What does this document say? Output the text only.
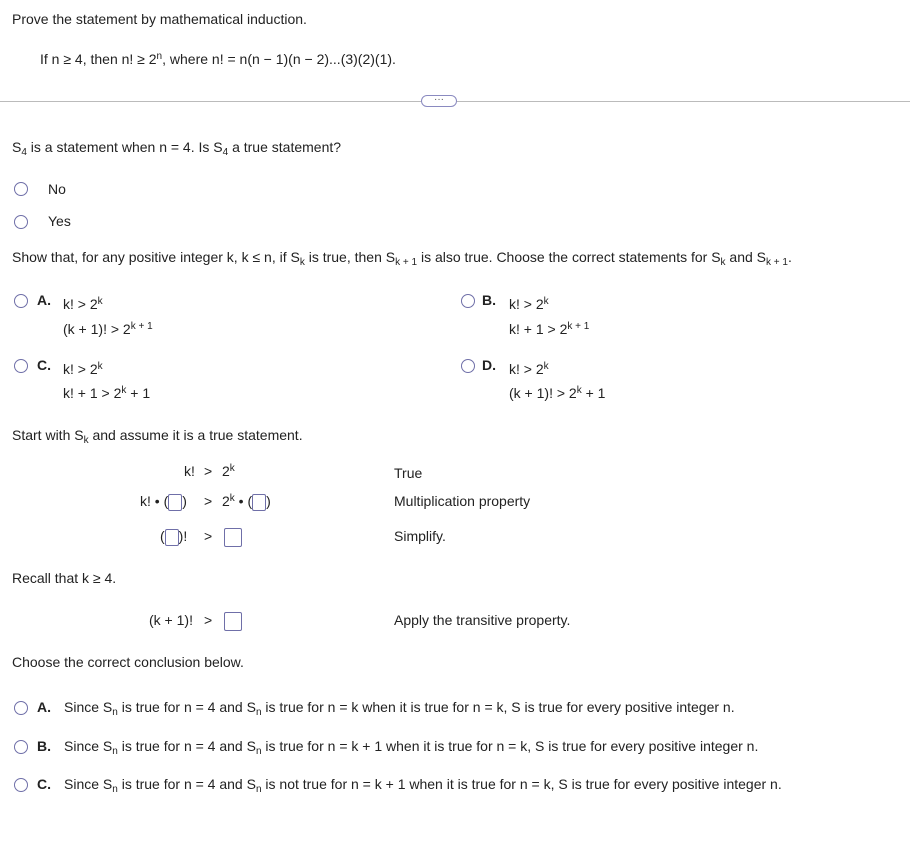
Prove the statement by mathematical induction.
If n ≥ 4, then n! ≥ $2^n$, where n! = n(n − 1)(n − 2)...(3)(2)(1).
···
$S_4$ is a statement when n = 4. Is $S_4$ a true statement?
No
Yes
Show that, for any positive integer k, k ≤ n, if $S_k$ is true, then $S_{k + 1}$ is also true. Choose the correct statements for $S_k$ and $S_{k + 1}$.
A. k! > $2^k$
(k + 1)! > $2^{k + 1}$
B. k! > $2^k$
k! + $1 > 2^{k + 1}$
C. k! > $2^k$
k! + $1 > 2^k + 1$
D. k! > $2^k$
(k + 1)! > $2^k + 1$
Start with $S_k$ and assume it is a true statement.
k! > $2^k$	True
k! • ( ) > $2^k$ • ( )	Multiplication property
( )! >	Simplify.
Recall that k ≥ 4.
(k + 1)! >	Apply the transitive property.
Choose the correct conclusion below.
A. Since $S_n$ is true for n = 4 and $S_n$ is true for n = k when it is true for n = k, S is true for every positive integer n.
B. Since $S_n$ is true for n = 4 and $S_n$ is true for n = k + 1 when it is true for n = k, S is true for every positive integer n.
C. Since $S_n$ is true for n = 4 and $S_n$ is not true for n = k + 1 when it is true for n = k, S is true for every positive integer n.
